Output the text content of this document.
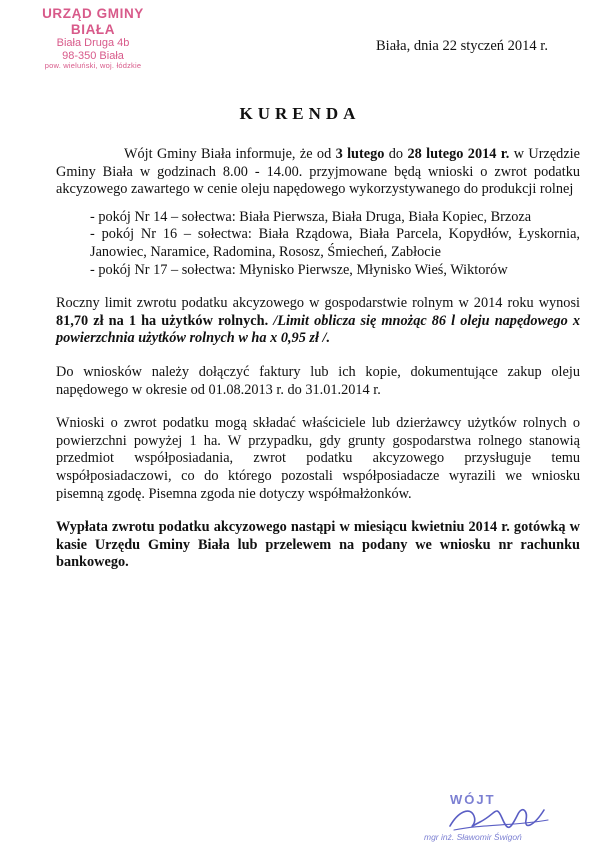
URZĄD GMINY BIAŁA
Biała Druga 4b
98-350 Biała
pow. wieluński, woj. łódzkie
Biała, dnia 22 styczeń 2014 r.
KURENDA

Wójt Gminy Biała informuje, że od 3 lutego do 28 lutego 2014 r. w Urzędzie Gminy Biała w godzinach 8.00 - 14.00. przyjmowane będą wnioski o zwrot podatku akcyzowego zawartego w cenie oleju napędowego wykorzystywanego do produkcji rolnej

- pokój Nr 14 – sołectwa: Biała Pierwsza, Biała Druga, Biała Kopiec, Brzoza
- pokój Nr 16 – sołectwa: Biała Rządowa, Biała Parcela, Kopydłów, Łyskornia, Janowiec, Naramice, Radomina, Rososz, Śmiecheń, Zabłocie
- pokój Nr 17 – sołectwa: Młynisko Pierwsze, Młynisko Wieś, Wiktorów

Roczny limit zwrotu podatku akcyzowego w gospodarstwie rolnym w 2014 roku wynosi 81,70 zł na 1 ha użytków rolnych. /Limit oblicza się mnożąc 86 l oleju napędowego x powierzchnia użytków rolnych w ha x 0,95 zł /.

Do wniosków należy dołączyć faktury lub ich kopie, dokumentujące zakup oleju napędowego w okresie od 01.08.2013 r. do 31.01.2014 r.

Wnioski o zwrot podatku mogą składać właściciele lub dzierżawcy użytków rolnych o powierzchni powyżej 1 ha. W przypadku, gdy grunty gospodarstwa rolnego stanowią przedmiot współposiadania, zwrot podatku akcyzowego przysługuje temu współposiadaczowi, co do którego pozostali współposiadacze wyrazili we wniosku pisemną zgodę. Pisemna zgoda nie dotyczy współmałżonków.

Wypłata zwrotu podatku akcyzowego nastąpi w miesiącu kwietniu 2014 r. gotówką w kasie Urzędu Gminy Biała lub przelewem na podany we wniosku nr rachunku bankowego.

WÓJT
mgr inż. Sławomir Świgoń
